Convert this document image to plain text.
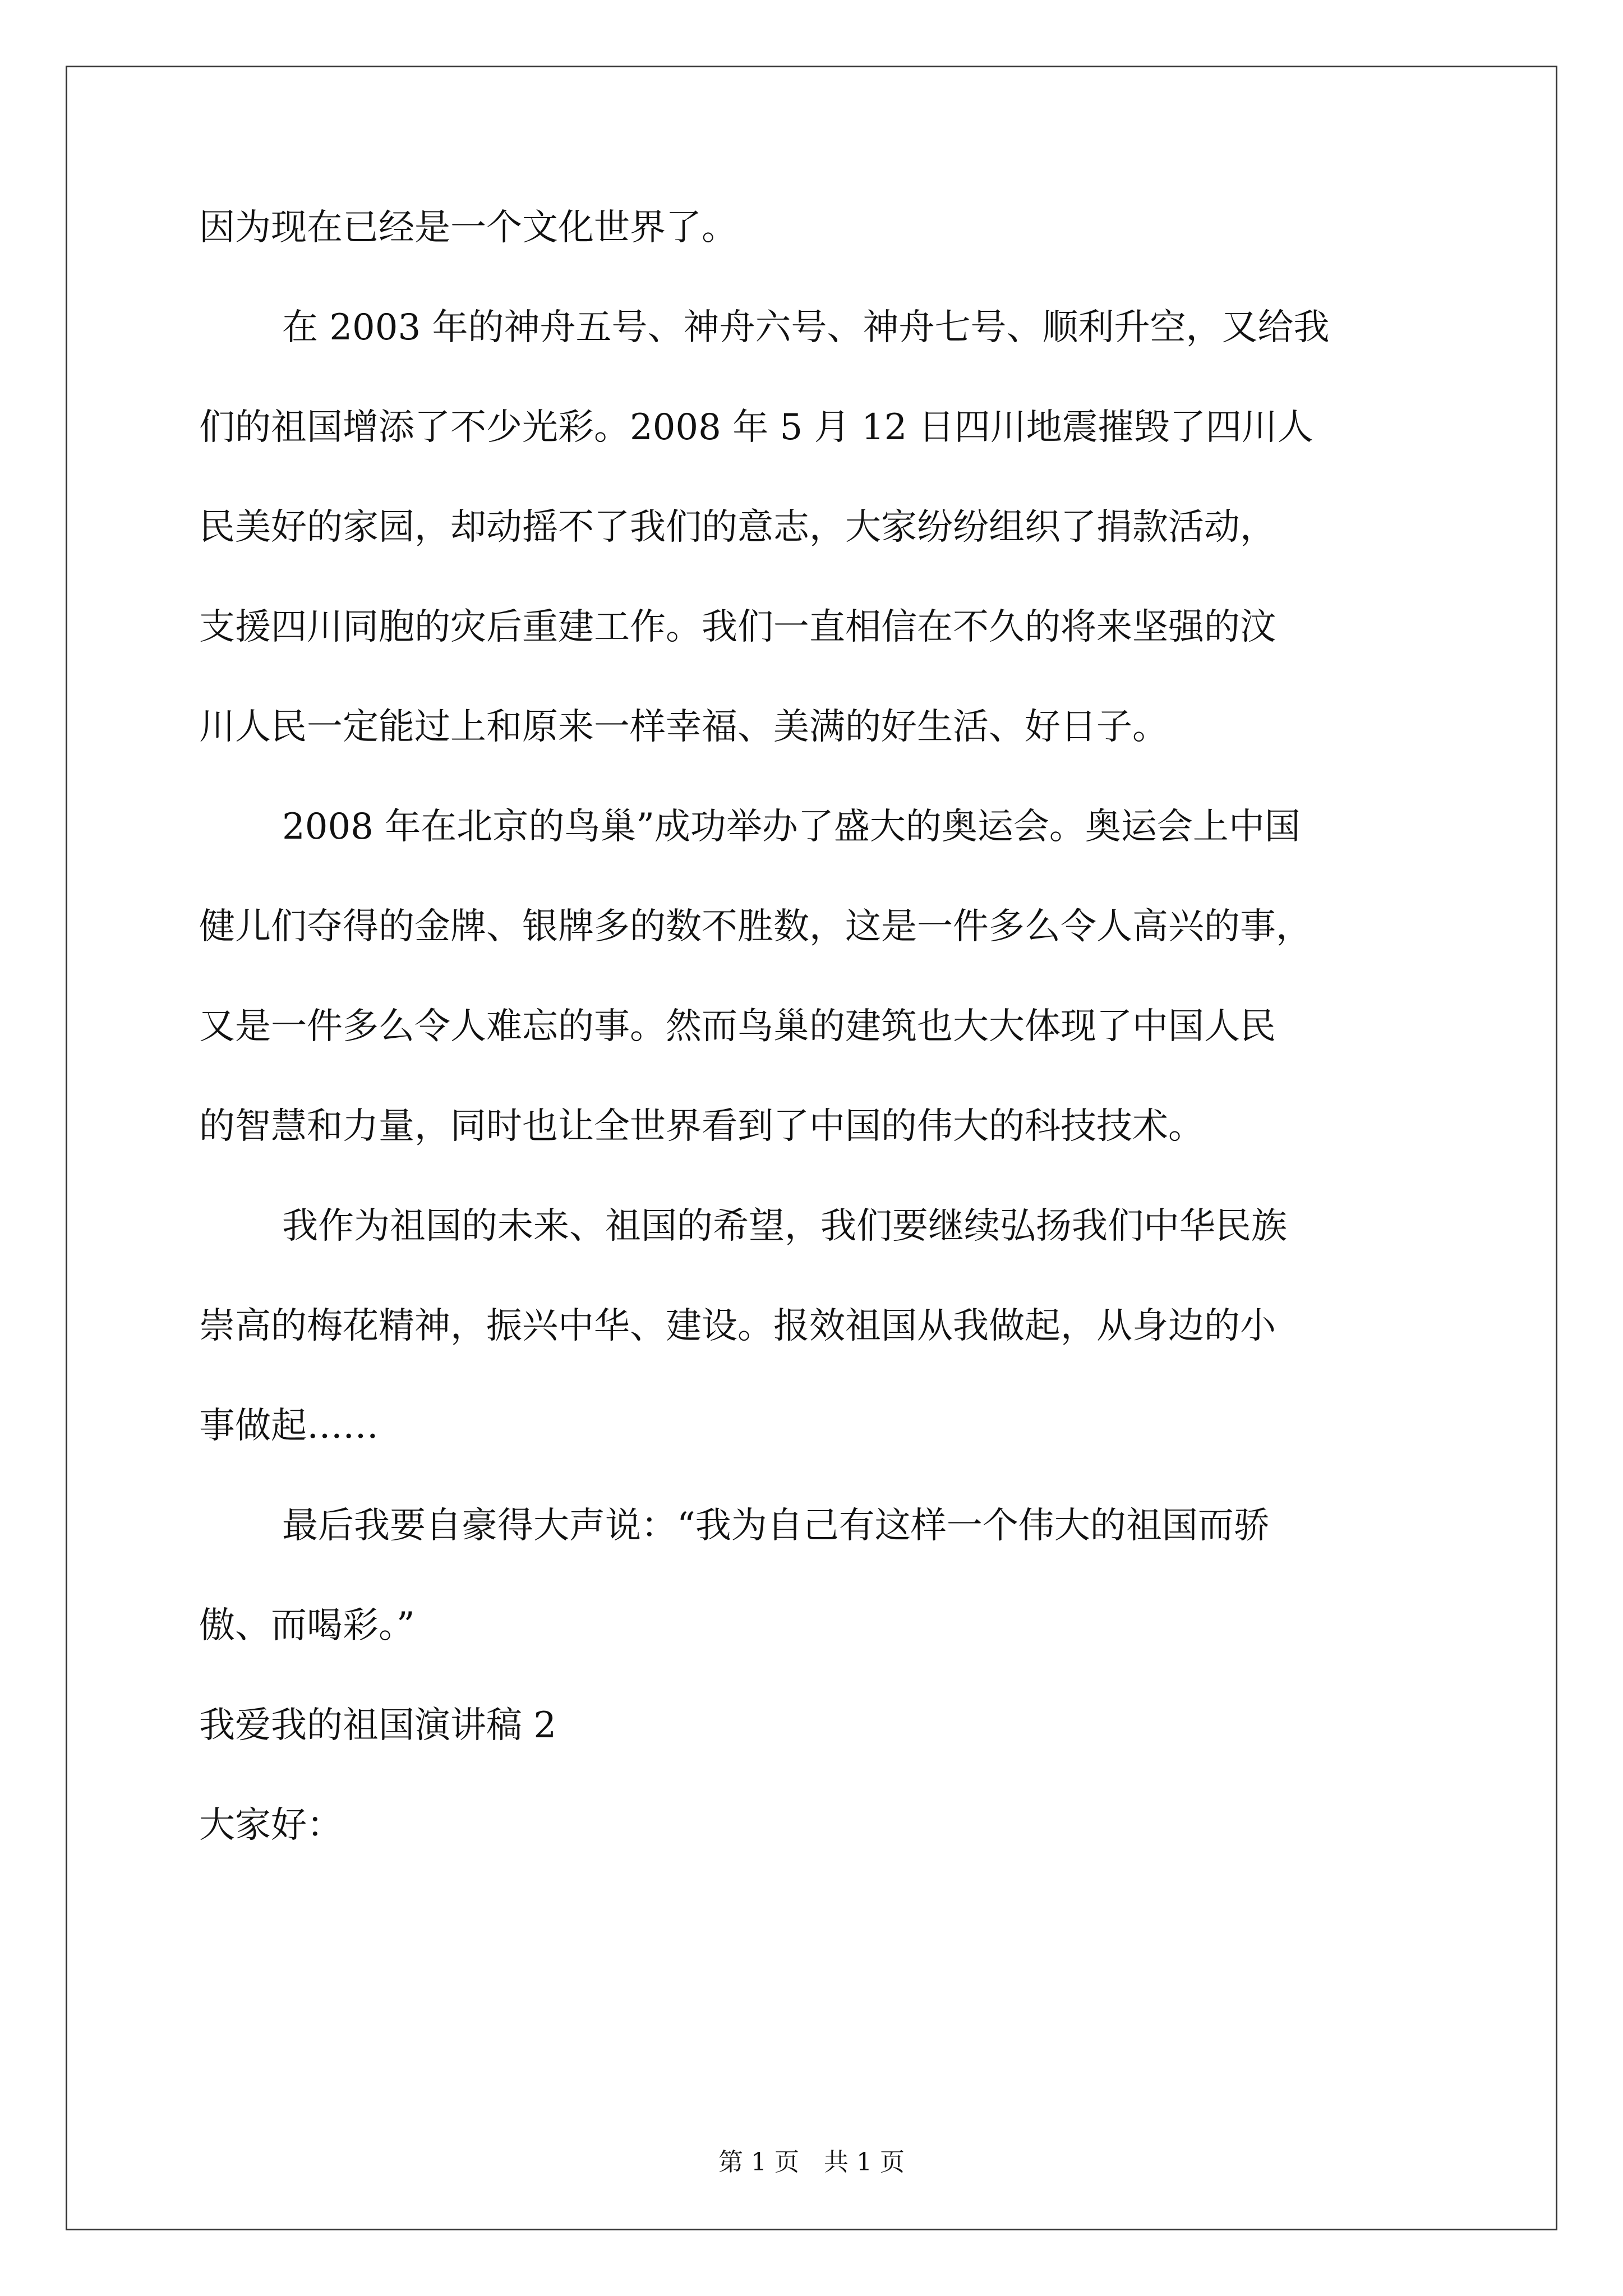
因为现在已经是一个文化世界了。
在 2003 年的神舟五号、神舟六号、神舟七号、顺利升空，又给我
们的祖国增添了不少光彩。2008 年 5 月 12 日四川地震摧毁了四川人
民美好的家园，却动摇不了我们的意志，大家纷纷组织了捐款活动，
支援四川同胞的灾后重建工作。我们一直相信在不久的将来坚强的汶
川人民一定能过上和原来一样幸福、美满的好生活、好日子。
2008 年在北京的鸟巢”成功举办了盛大的奥运会。奥运会上中国
健儿们夺得的金牌、银牌多的数不胜数，这是一件多么令人高兴的事，
又是一件多么令人难忘的事。然而鸟巢的建筑也大大体现了中国人民
的智慧和力量，同时也让全世界看到了中国的伟大的科技技术。
我作为祖国的未来、祖国的希望，我们要继续弘扬我们中华民族
崇高的梅花精神，振兴中华、建设。报效祖国从我做起，从身边的小
事做起……
最后我要自豪得大声说：“我为自己有这样一个伟大的祖国而骄
傲、而喝彩。”
我爱我的祖国演讲稿 2
大家好：
第 1 页　共 1 页
